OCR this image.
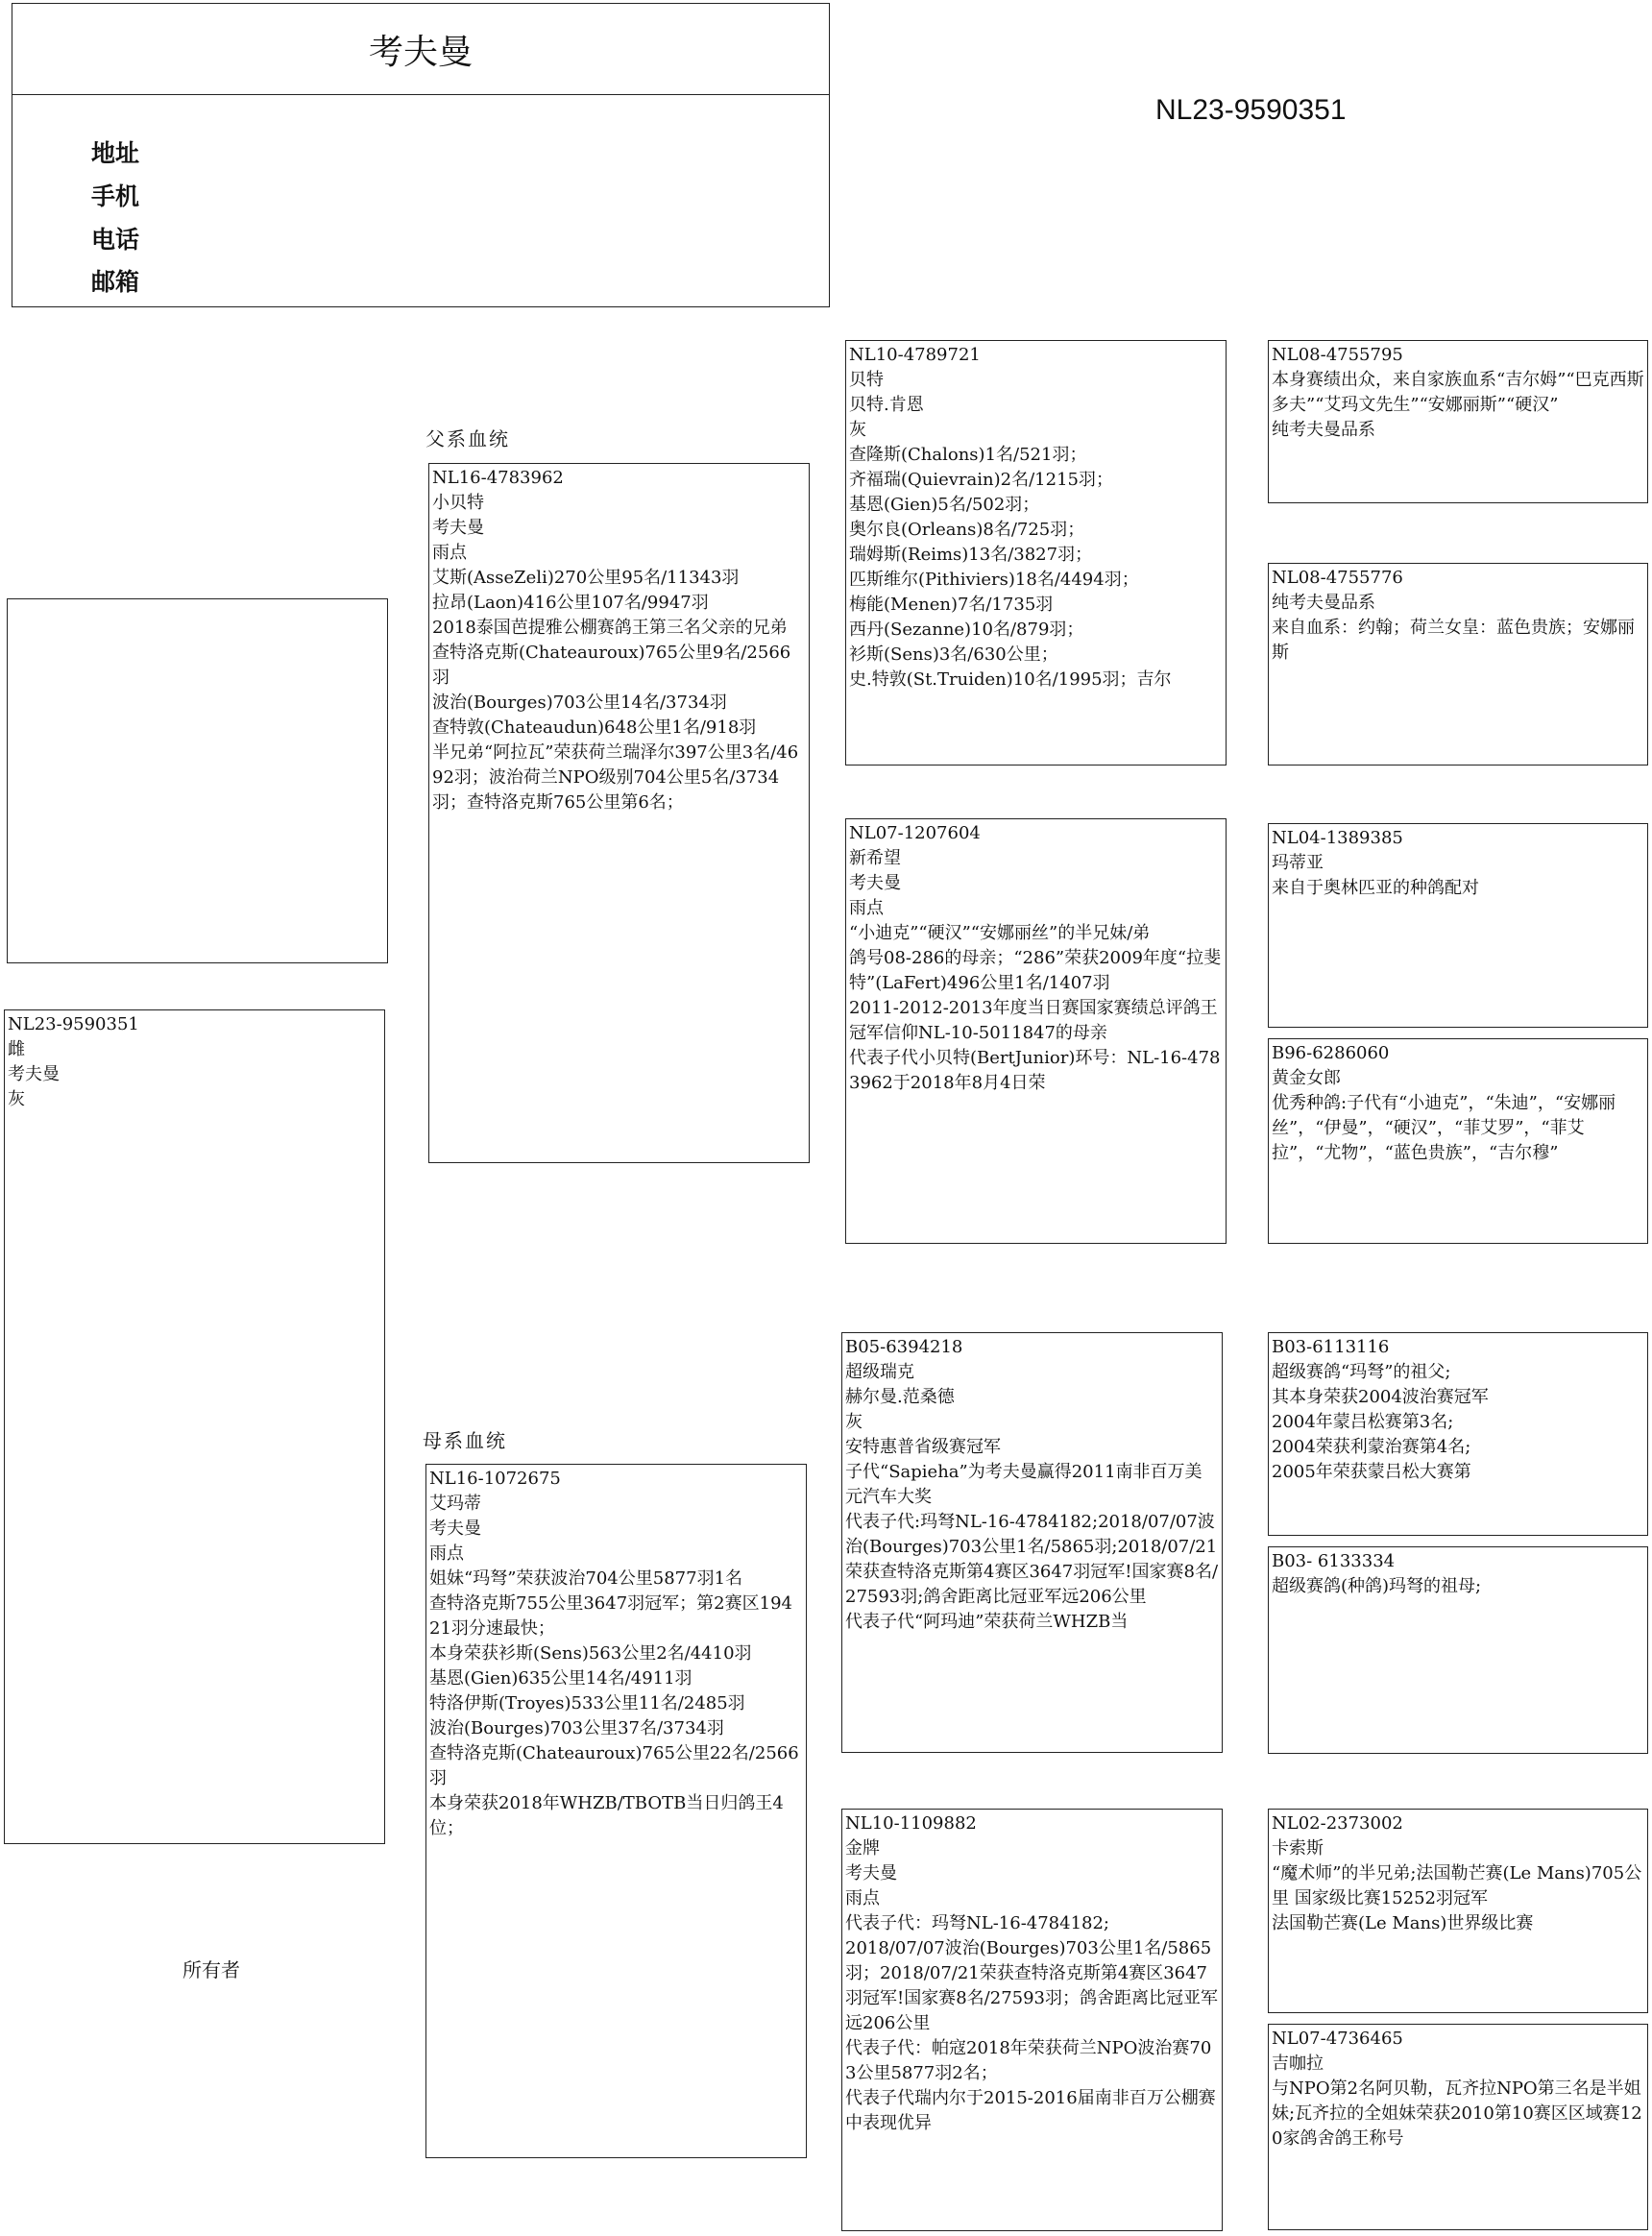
考夫曼
地址
手机
电话
邮箱
NL23-9590351
NL23-9590351
雌
考夫曼
灰
所有者
父系血统
母系血统
NL16-4783962
小贝特
考夫曼
雨点
艾斯(AsseZeli)270公里95名/11343羽
拉昂(Laon)416公里107名/9947羽
2018泰国芭提雅公棚赛鸽王第三名父亲的兄弟
查特洛克斯(Chateauroux)765公里9名/2566羽
波治(Bourges)703公里14名/3734羽
查特敦(Chateaudun)648公里1名/918羽
半兄弟“阿拉瓦”荣获荷兰瑞泽尔397公里3名/4692羽；波治荷兰NPO级别704公里5名/3734羽；查特洛克斯765公里第6名；
NL16-1072675
艾玛蒂
考夫曼
雨点
姐妹“玛弩”荣获波治704公里5877羽1名
查特洛克斯755公里3647羽冠军；第2赛区19421羽分速最快；
本身荣获衫斯(Sens)563公里2名/4410羽
基恩(Gien)635公里14名/4911羽
特洛伊斯(Troyes)533公里11名/2485羽
波治(Bourges)703公里37名/3734羽
查特洛克斯(Chateauroux)765公里22名/2566羽
本身荣获2018年WHZB/TBOTB当日归鸽王4位；
NL10-4789721
贝特
贝特.肯恩
灰
查隆斯(Chalons)1名/521羽；
齐福瑞(Quievrain)2名/1215羽；
基恩(Gien)5名/502羽；
奥尔良(Orleans)8名/725羽；
瑞姆斯(Reims)13名/3827羽；
匹斯维尔(Pithiviers)18名/4494羽；
梅能(Menen)7名/1735羽
西丹(Sezanne)10名/879羽；
衫斯(Sens)3名/630公里；
史.特敦(St.Truiden)10名/1995羽；吉尔
NL07-1207604
新希望
考夫曼
雨点
“小迪克”“硬汉”“安娜丽丝”的半兄妹/弟
鸽号08-286的母亲；“286”荣获2009年度“拉斐特”(LaFert)496公里1名/1407羽
2011-2012-2013年度当日赛国家赛绩总评鸽王冠军信仰NL-10-5011847的母亲
代表子代小贝特(BertJunior)环号：NL-16-4783962于2018年8月4日荣
B05-6394218
超级瑞克
赫尔曼.范桑德
灰
安特惠普省级赛冠军
子代“Sapieha”为考夫曼赢得2011南非百万美元汽车大奖
代表子代:玛弩NL-16-4784182;2018/07/07波治(Bourges)703公里1名/5865羽;2018/07/21荣获查特洛克斯第4赛区3647羽冠军!国家赛8名/27593羽;鸽舍距离比冠亚军远206公里
代表子代“阿玛迪”荣获荷兰WHZB当
NL10-1109882
金牌
考夫曼
雨点
代表子代：玛弩NL-16-4784182;
2018/07/07波治(Bourges)703公里1名/5865羽；2018/07/21荣获查特洛克斯第4赛区3647羽冠军!国家赛8名/27593羽；鸽舍距离比冠亚军远206公里
代表子代：帕寇2018年荣获荷兰NPO波治赛703公里5877羽2名；
代表子代瑞内尔于2015-2016届南非百万公棚赛中表现优异
NL08-4755795
本身赛绩出众，来自家族血系“吉尔姆”“巴克西斯多夫”“艾玛文先生”“安娜丽斯”“硬汉”
纯考夫曼品系
NL08-4755776
纯考夫曼品系
来自血系：约翰；荷兰女皇：蓝色贵族；安娜丽斯
NL04-1389385
玛蒂亚
来自于奥林匹亚的种鸽配对
B96-6286060
黄金女郎
优秀种鸽:子代有“小迪克”，“朱迪”，“安娜丽丝”，“伊曼”，“硬汉”，“菲艾罗”，“菲艾拉”，“尤物”，“蓝色贵族”，“吉尔穆”
B03-6113116
超级赛鸽“玛弩”的祖父;
其本身荣获2004波治赛冠军
2004年蒙吕松赛第3名;
2004荣获利蒙治赛第4名;
2005年荣获蒙吕松大赛第
B03- 6133334
超级赛鸽(种鸽)玛弩的祖母;
NL02-2373002
卡索斯
“魔术师”的半兄弟;法国勒芒赛(Le Mans)705公里 国家级比赛15252羽冠军
法国勒芒赛(Le Mans)世界级比赛
NL07-4736465
吉咖拉
与NPO第2名阿贝勒，瓦齐拉NPO第三名是半姐妹;瓦齐拉的全姐妹荣获2010第10赛区区域赛120家鸽舍鸽王称号
